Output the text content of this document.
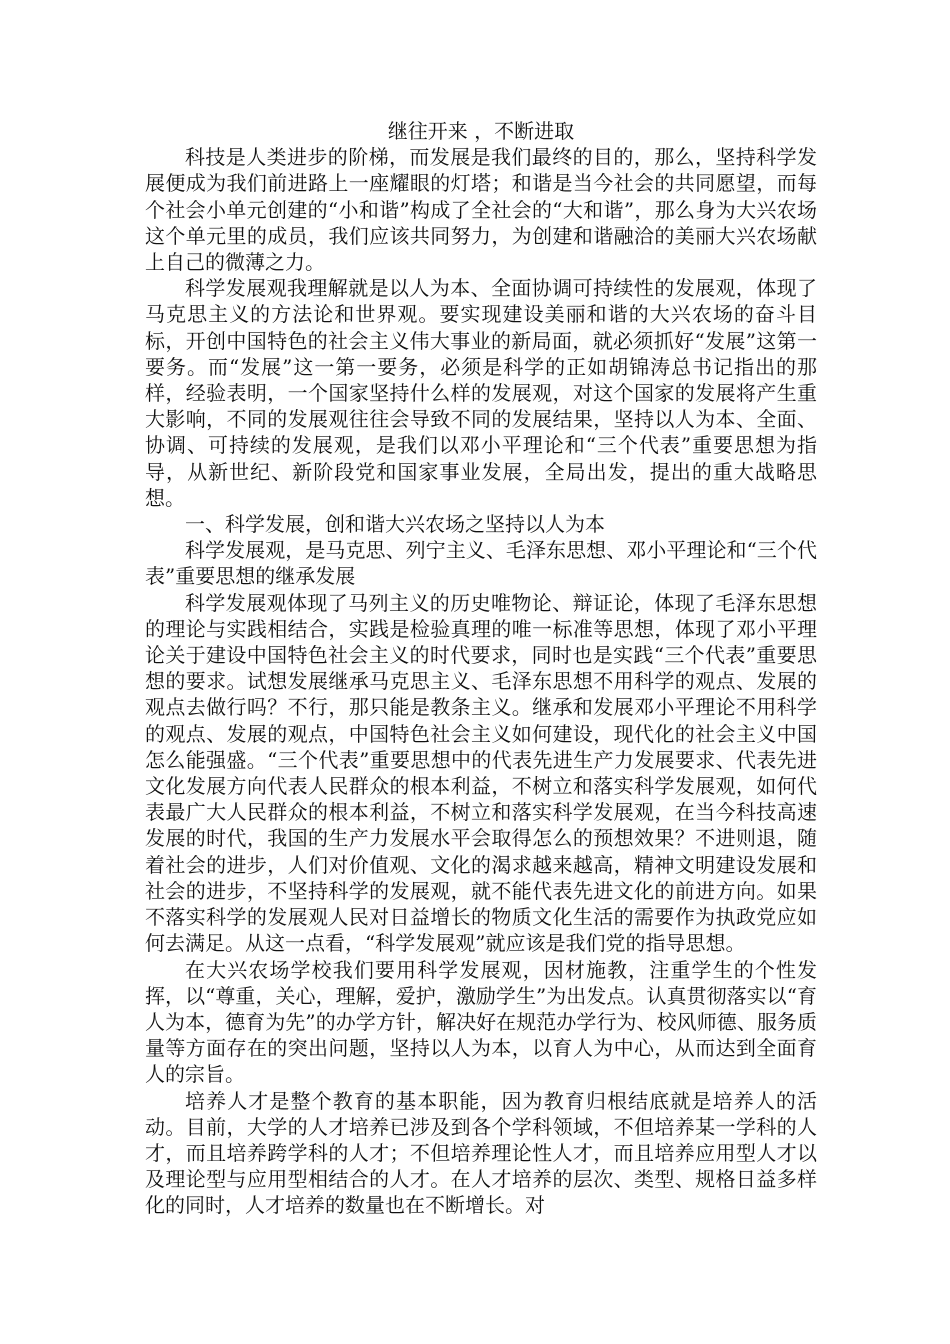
继往开来 ，不断进取

科技是人类进步的阶梯，而发展是我们最终的目的，那么，坚持科学发展便成为我们前进路上一座耀眼的灯塔；和谐是当今社会的共同愿望，而每个社会小单元创建的“小和谐”构成了全社会的“大和谐”，那么身为大兴农场这个单元里的成员，我们应该共同努力，为创建和谐融洽的美丽大兴农场献上自己的微薄之力。

科学发展观我理解就是以人为本、全面协调可持续性的发展观，体现了马克思主义的方法论和世界观。要实现建设美丽和谐的大兴农场的奋斗目标，开创中国特色的社会主义伟大事业的新局面，就必须抓好“发展”这第一要务。而“发展”这一第一要务，必须是科学的正如胡锦涛总书记指出的那样，经验表明，一个国家坚持什么样的发展观，对这个国家的发展将产生重大影响，不同的发展观往往会导致不同的发展结果，坚持以人为本、全面、协调、可持续的发展观，是我们以邓小平理论和“三个代表”重要思想为指导，从新世纪、新阶段党和国家事业发展，全局出发，提出的重大战略思想。

一、科学发展，创和谐大兴农场之坚持以人为本

科学发展观，是马克思、列宁主义、毛泽东思想、邓小平理论和“三个代表”重要思想的继承发展

科学发展观体现了马列主义的历史唯物论、辩证论，体现了毛泽东思想的理论与实践相结合，实践是检验真理的唯一标准等思想，体现了邓小平理论关于建设中国特色社会主义的时代要求，同时也是实践“三个代表”重要思想的要求。试想发展继承马克思主义、毛泽东思想不用科学的观点、发展的观点去做行吗？不行，那只能是教条主义。继承和发展邓小平理论不用科学的观点、发展的观点，中国特色社会主义如何建设，现代化的社会主义中国怎么能强盛。“三个代表”重要思想中的代表先进生产力发展要求、代表先进文化发展方向代表人民群众的根本利益，不树立和落实科学发展观，如何代表最广大人民群众的根本利益，不树立和落实科学发展观，在当今科技高速发展的时代，我国的生产力发展水平会取得怎么的预想效果？不进则退，随着社会的进步，人们对价值观、文化的渴求越来越高，精神文明建设发展和社会的进步，不坚持科学的发展观，就不能代表先进文化的前进方向。如果不落实科学的发展观人民对日益增长的物质文化生活的需要作为执政党应如何去满足。从这一点看，“科学发展观”就应该是我们党的指导思想。

在大兴农场学校我们要用科学发展观，因材施教，注重学生的个性发挥，以“尊重，关心，理解，爱护，激励学生”为出发点。认真贯彻落实以“育人为本，德育为先”的办学方针，解决好在规范办学行为、校风师德、服务质量等方面存在的突出问题，坚持以人为本，以育人为中心，从而达到全面育人的宗旨。

培养人才是整个教育的基本职能，因为教育归根结底就是培养人的活动。目前，大学的人才培养已涉及到各个学科领域，不但培养某一学科的人才，而且培养跨学科的人才；不但培养理论性人才，而且培养应用型人才以及理论型与应用型相结合的人才。在人才培养的层次、类型、规格日益多样化的同时，人才培养的数量也在不断增长。对
